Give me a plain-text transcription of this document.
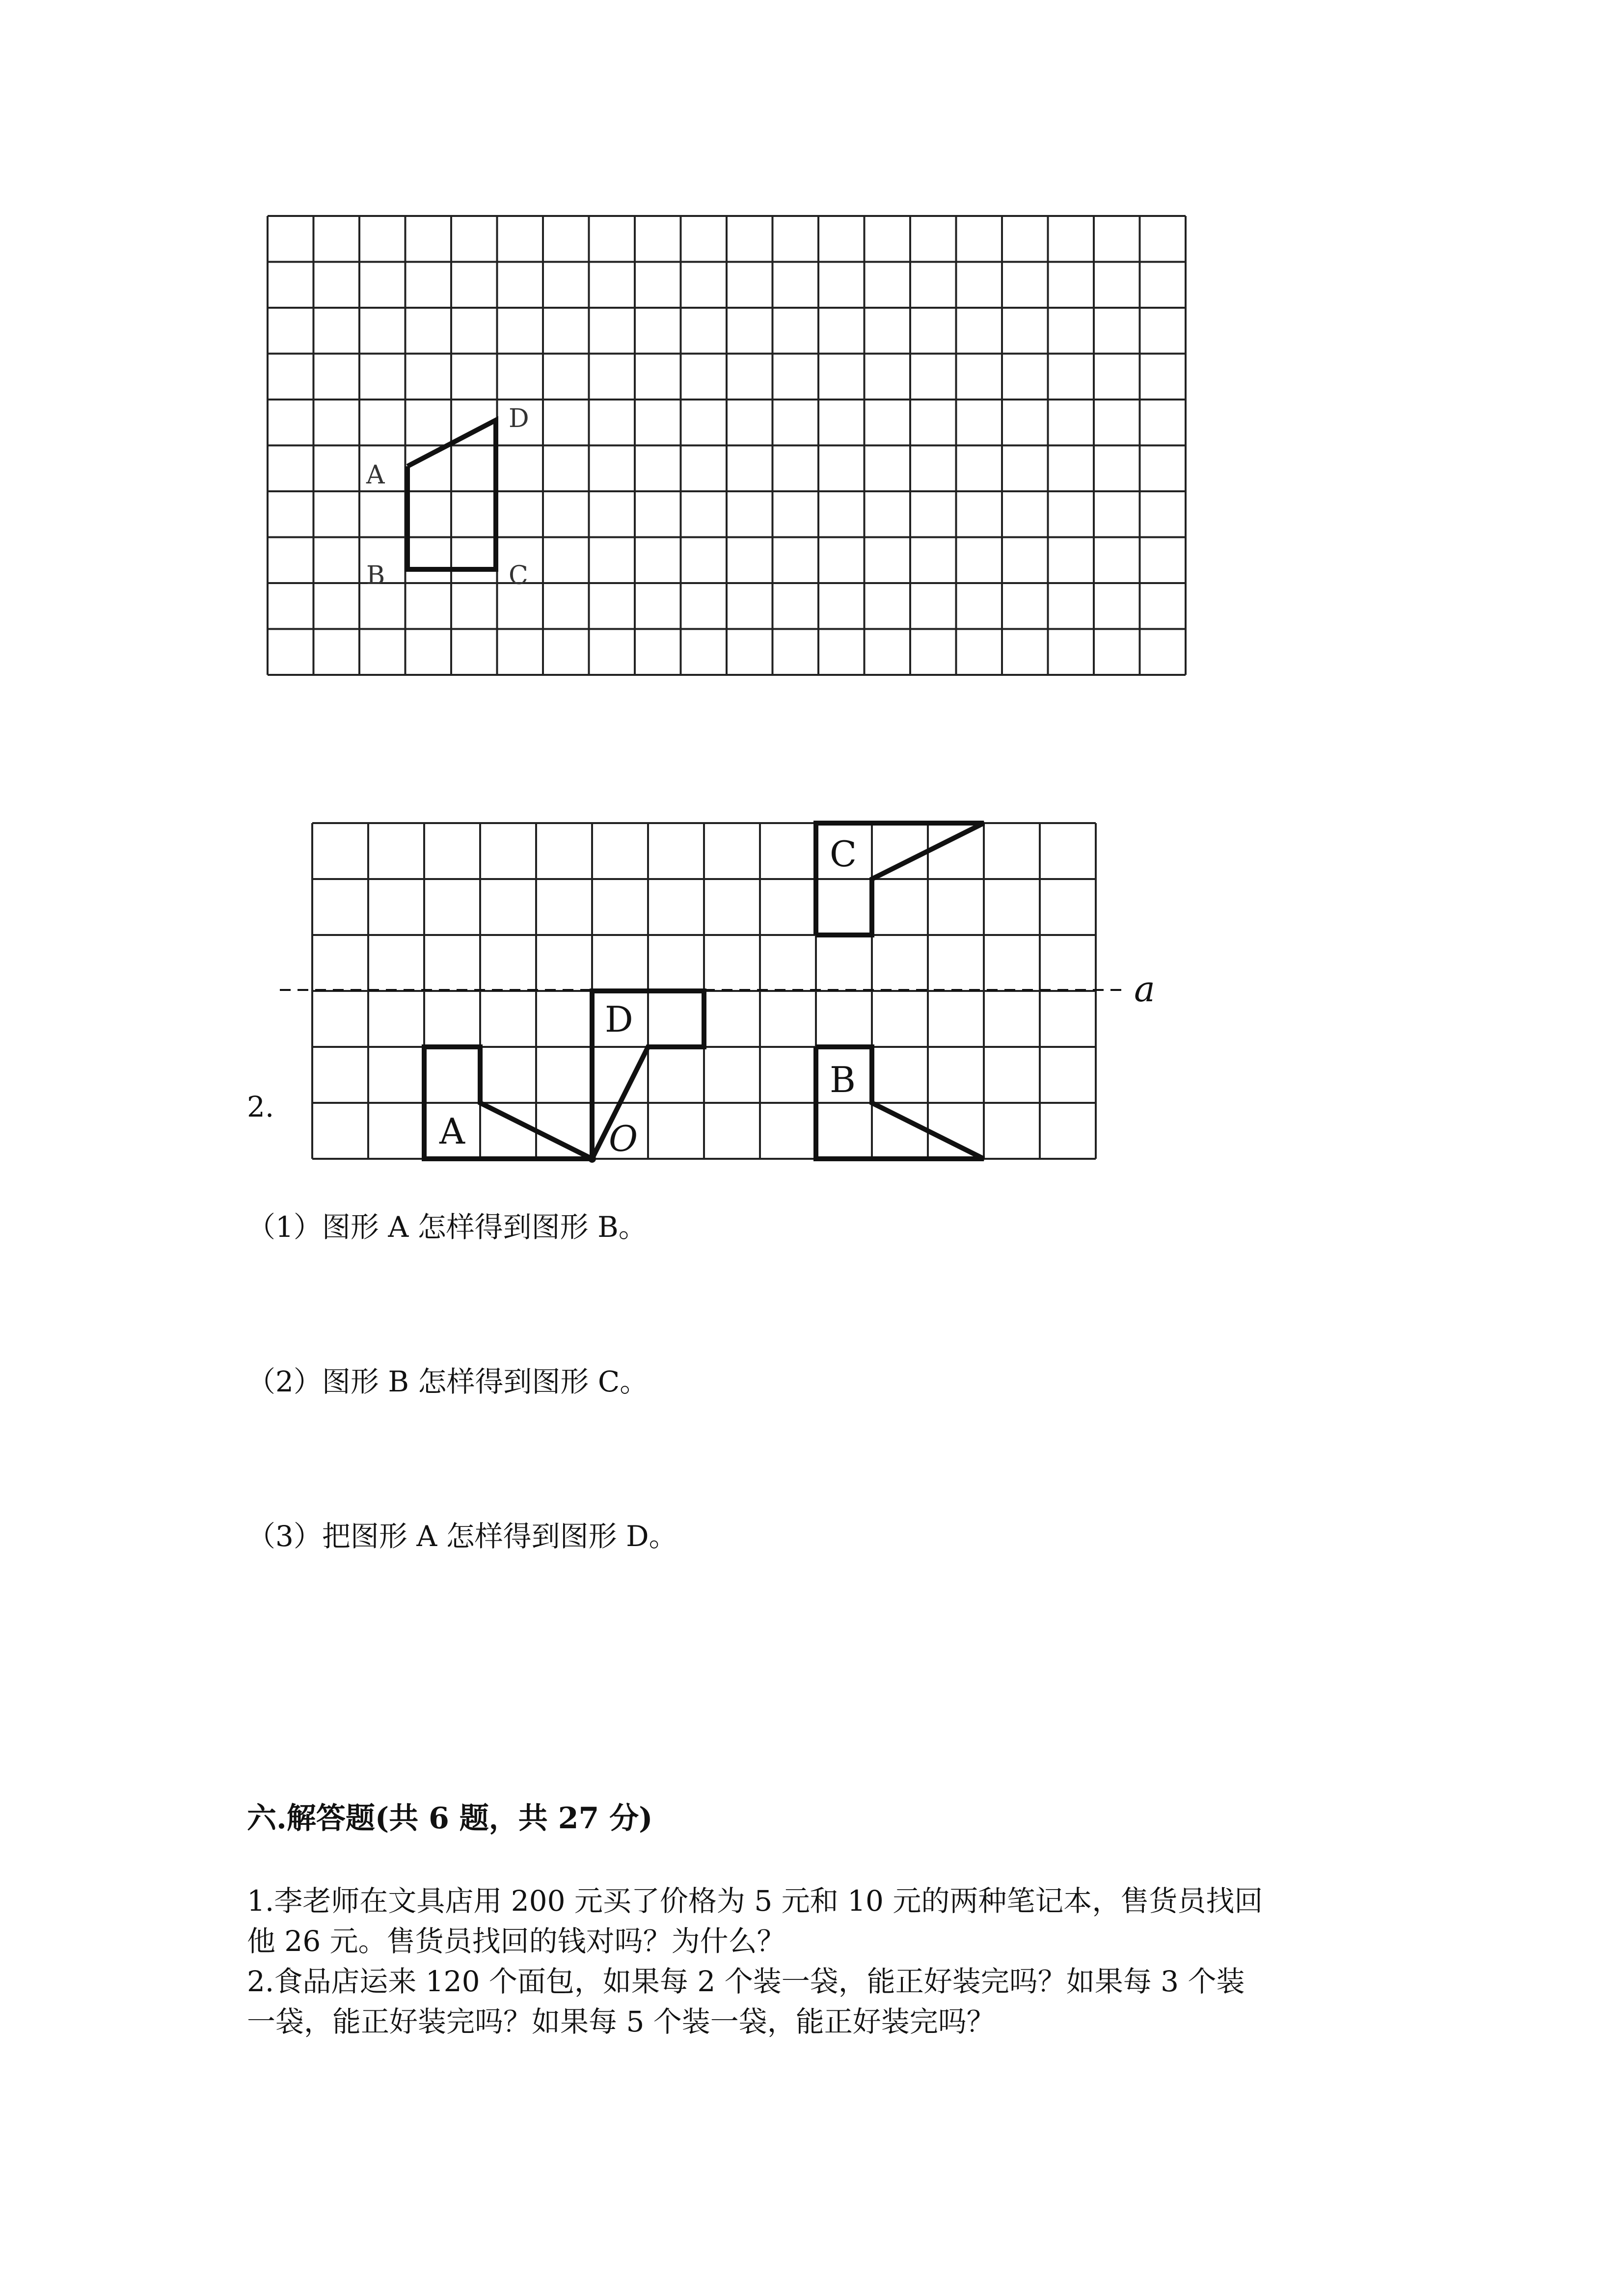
A
B	C
D
2.
a
A
D
O
B
C
（1）图形 A 怎样得到图形 B。
（2）图形 B 怎样得到图形 C。
（3）把图形 A 怎样得到图形 D。
六.解答题(共 6 题，共 27 分)
1.李老师在文具店用 200 元买了价格为 5 元和 10 元的两种笔记本，售货员找回
他 26 元。售货员找回的钱对吗？为什么？
2.食品店运来 120 个面包，如果每 2 个装一袋，能正好装完吗？如果每 3 个装
一袋，能正好装完吗？如果每 5 个装一袋，能正好装完吗？
